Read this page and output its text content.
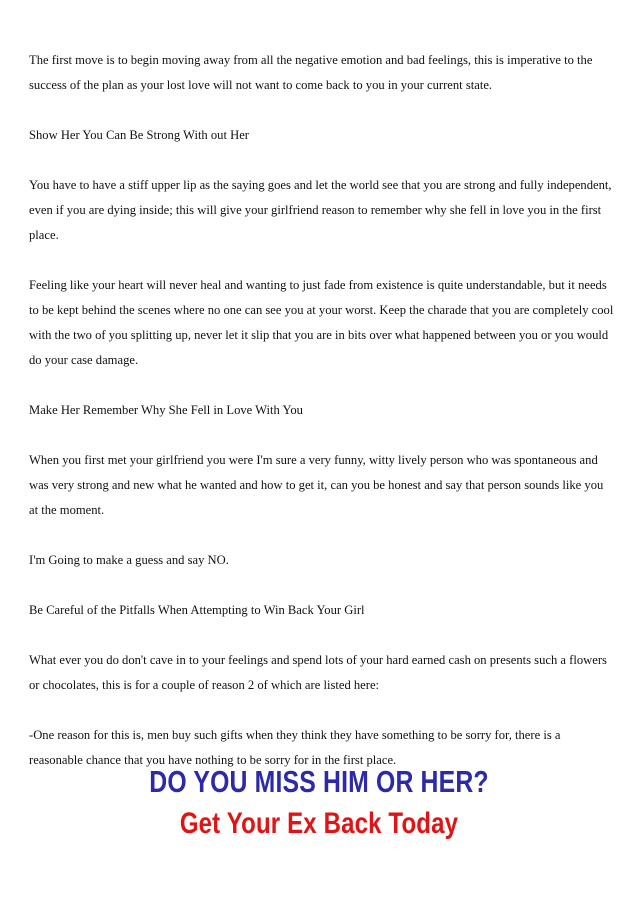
The first move is to begin moving away from all the negative emotion and bad feelings, this is imperative to the success of the plan as your lost love will not want to come back to you in your current state.

Show Her You Can Be Strong With out Her

You have to have a stiff upper lip as the saying goes and let the world see that you are strong and fully independent, even if you are dying inside; this will give your girlfriend reason to remember why she fell in love you in the first place.

Feeling like your heart will never heal and wanting to just fade from existence is quite understandable, but it needs to be kept behind the scenes where no one can see you at your worst. Keep the charade that you are completely cool with the two of you splitting up, never let it slip that you are in bits over what happened between you or you would do your case damage.

Make Her Remember Why She Fell in Love With You

When you first met your girlfriend you were I'm sure a very funny, witty lively person who was spontaneous and was very strong and new what he wanted and how to get it, can you be honest and say that person sounds like you at the moment.

I'm Going to make a guess and say NO.

Be Careful of the Pitfalls When Attempting to Win Back Your Girl

What ever you do don't cave in to your feelings and spend lots of your hard earned cash on presents such a flowers or chocolates, this is for a couple of reason 2 of which are listed here:

-One reason for this is, men buy such gifts when they think they have something to be sorry for, there is a reasonable chance that you have nothing to be sorry for in the first place.

DO YOU MISS HIM OR HER?
Get Your Ex Back Today
